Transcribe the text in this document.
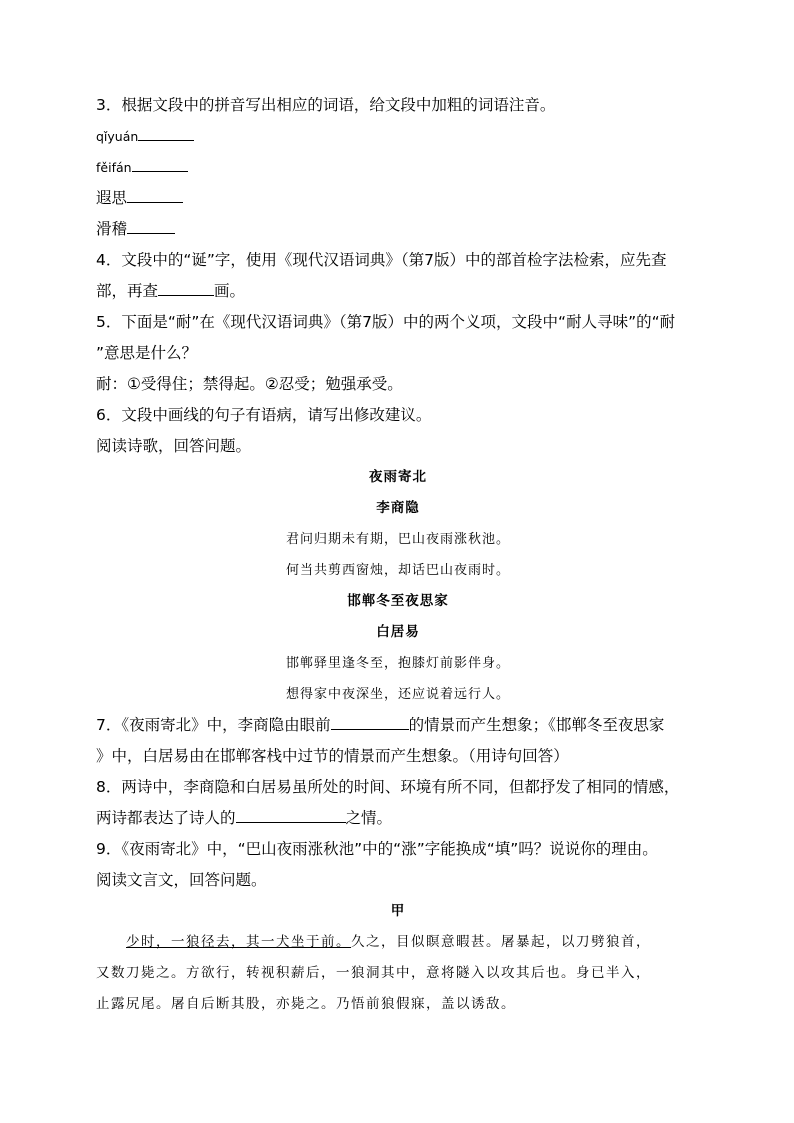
3．根据文段中的拼音写出相应的词语，给文段中加粗的词语注音。
qǐyuán
fěifán
遐思
滑稽
4．文段中的“诞”字，使用《现代汉语词典》（第7版）中的部首检字法检索，应先查
部，再查	画。
5．下面是“耐”在《现代汉语词典》（第7版）中的两个义项，文段中“耐人寻味”的“耐
”意思是什么？
耐：①受得住；禁得起。②忍受；勉强承受。
6．文段中画线的句子有语病，请写出修改建议。
阅读诗歌，回答问题。
夜雨寄北
李商隐
君问归期未有期，巴山夜雨涨秋池。
何当共剪西窗烛，却话巴山夜雨时。
邯郸冬至夜思家
白居易
邯郸驿里逢冬至，抱膝灯前影伴身。
想得家中夜深坐，还应说着远行人。
7．《夜雨寄北》中，李商隐由眼前	的情景而产生想象；《邯郸冬至夜思家
》中，白居易由在邯郸客栈中过节的情景而产生想象。（用诗句回答）
8．两诗中，李商隐和白居易虽所处的时间、环境有所不同，但都抒发了相同的情感，
两诗都表达了诗人的	之情。
9．《夜雨寄北》中，“巴山夜雨涨秋池”中的“涨”字能换成“填”吗？说说你的理由。
阅读文言文，回答问题。
甲
少时，一狼径去，其一犬坐于前。久之，目似瞑意暇甚。屠暴起，以刀劈狼首，
又数刀毙之。方欲行，转视积薪后，一狼洞其中，意将隧入以攻其后也。身已半入，
止露尻尾。屠自后断其股，亦毙之。乃悟前狼假寐，盖以诱敌。
